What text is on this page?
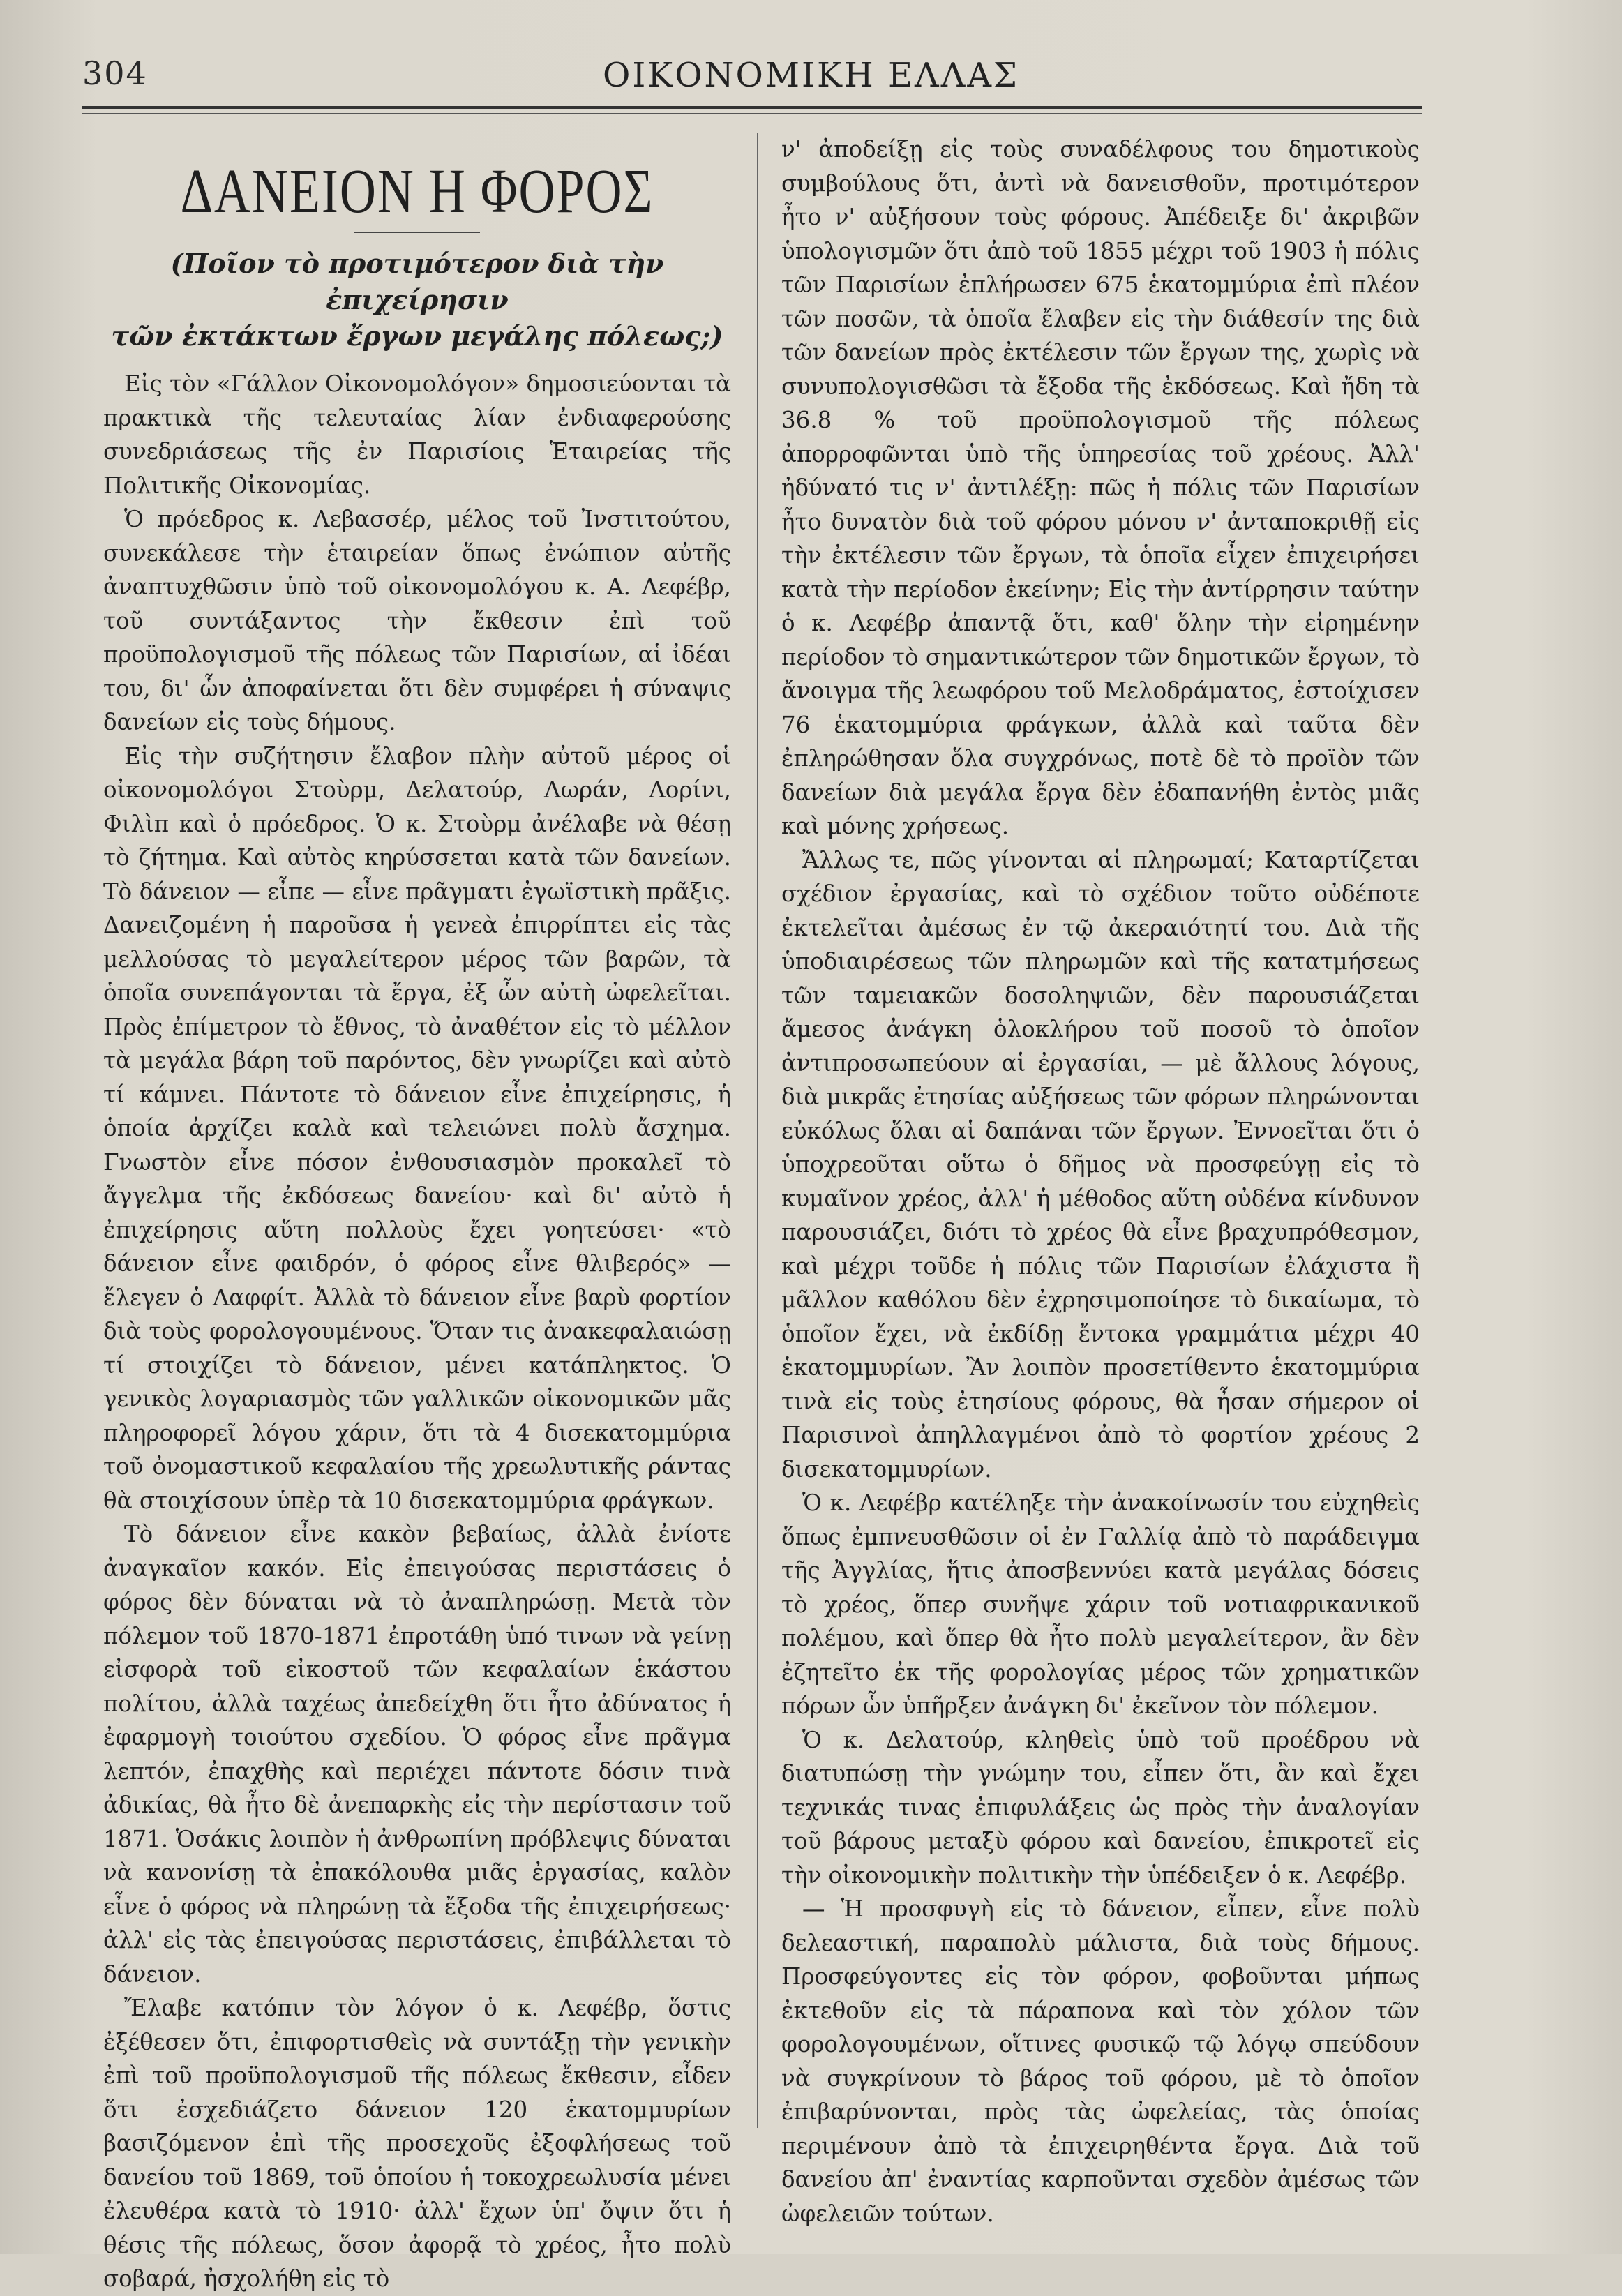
304	ΟΙΚΟΝΟΜΙΚΗ ΕΛΛΑΣ
ΔΑΝΕΙΟΝ Η ΦΟΡΟΣ
(Ποῖον τὸ προτιμότερον διὰ τὴν ἐπιχείρησιν
τῶν ἐκτάκτων ἔργων μεγάλης πόλεως;)

Εἰς τὸν «Γάλλον Οἰκονομολόγον» δημοσιεύονται τὰ πρακτικὰ τῆς τελευταίας λίαν ἐνδιαφερούσης συνεδριάσεως τῆς ἐν Παρισίοις Ἑταιρείας τῆς Πολιτικῆς Οἰκονομίας.

Ὁ πρόεδρος κ. Λεβασσέρ, μέλος τοῦ Ἰνστιτούτου, συνεκάλεσε τὴν ἑταιρείαν ὅπως ἐνώπιον αὐτῆς ἀναπτυχθῶσιν ὑπὸ τοῦ οἰκονομολόγου κ. Α. Λεφέβρ, τοῦ συντάξαντος τὴν ἔκθεσιν ἐπὶ τοῦ προϋπολογισμοῦ τῆς πόλεως τῶν Παρισίων, αἱ ἰδέαι του, δι' ὧν ἀποφαίνεται ὅτι δὲν συμφέρει ἡ σύναψις δανείων εἰς τοὺς δήμους.

Εἰς τὴν συζήτησιν ἔλαβον πλὴν αὐτοῦ μέρος οἱ οἰκονομολόγοι Στοὺρμ, Δελατούρ, Λωράν, Λορίνι, Φιλὶπ καὶ ὁ πρόεδρος. Ὁ κ. Στοὺρμ ἀνέλαβε νὰ θέσῃ τὸ ζήτημα. Καὶ αὐτὸς κηρύσσεται κατὰ τῶν δανείων. Τὸ δάνειον — εἶπε — εἶνε πρᾶγματι ἐγωϊστικὴ πρᾶξις. Δανειζομένη ἡ παροῦσα ἡ γενεὰ ἐπιρρίπτει εἰς τὰς μελλούσας τὸ μεγαλείτερον μέρος τῶν βαρῶν, τὰ ὁποῖα συνεπάγονται τὰ ἔργα, ἐξ ὧν αὐτὴ ὠφελεῖται. Πρὸς ἐπίμετρον τὸ ἔθνος, τὸ ἀναθέτον εἰς τὸ μέλλον τὰ μεγάλα βάρη τοῦ παρόντος, δὲν γνωρίζει καὶ αὐτὸ τί κάμνει. Πάντοτε τὸ δάνειον εἶνε ἐπιχείρησις, ἡ ὁποία ἀρχίζει καλὰ καὶ τελειώνει πολὺ ἄσχημα. Γνωστὸν εἶνε πόσον ἐνθουσιασμὸν προκαλεῖ τὸ ἄγγελμα τῆς ἐκδόσεως δανείου· καὶ δι' αὐτὸ ἡ ἐπιχείρησις αὕτη πολλοὺς ἔχει γοητεύσει· «τὸ δάνειον εἶνε φαιδρόν, ὁ φόρος εἶνε θλιβερός» — ἔλεγεν ὁ Λαφφίτ. Ἀλλὰ τὸ δάνειον εἶνε βαρὺ φορτίον διὰ τοὺς φορολογουμένους. Ὅταν τις ἀνακεφαλαιώσῃ τί στοιχίζει τὸ δάνειον, μένει κατάπληκτος. Ὁ γενικὸς λογαριασμὸς τῶν γαλλικῶν οἰκονομικῶν μᾶς πληροφορεῖ λόγου χάριν, ὅτι τὰ 4 δισεκατομμύρια τοῦ ὀνομαστικοῦ κεφαλαίου τῆς χρεωλυτικῆς ράντας θὰ στοιχίσουν ὑπὲρ τὰ 10 δισεκατομμύρια φράγκων.

Τὸ δάνειον εἶνε κακὸν βεβαίως, ἀλλὰ ἐνίοτε ἀναγκαῖον κακόν. Εἰς ἐπειγούσας περιστάσεις ὁ φόρος δὲν δύναται νὰ τὸ ἀναπληρώσῃ. Μετὰ τὸν πόλεμον τοῦ 1870-1871 ἐπροτάθη ὑπό τινων νὰ γείνῃ εἰσφορὰ τοῦ εἰκοστοῦ τῶν κεφαλαίων ἑκάστου πολίτου, ἀλλὰ ταχέως ἀπεδείχθη ὅτι ἦτο ἀδύνατος ἡ ἐφαρμογὴ τοιούτου σχεδίου. Ὁ φόρος εἶνε πρᾶγμα λεπτόν, ἐπαχθὴς καὶ περιέχει πάντοτε δόσιν τινὰ ἀδικίας, θὰ ἦτο δὲ ἀνεπαρκὴς εἰς τὴν περίστασιν τοῦ 1871. Ὁσάκις λοιπὸν ἡ ἀνθρωπίνη πρόβλεψις δύναται νὰ κανονίσῃ τὰ ἐπακόλουθα μιᾶς ἐργασίας, καλὸν εἶνε ὁ φόρος νὰ πληρώνῃ τὰ ἔξοδα τῆς ἐπιχειρήσεως· ἀλλ' εἰς τὰς ἐπειγούσας περιστάσεις, ἐπιβάλλεται τὸ δάνειον.

Ἔλαβε κατόπιν τὸν λόγον ὁ κ. Λεφέβρ, ὅστις ἐξέθεσεν ὅτι, ἐπιφορτισθεὶς νὰ συντάξῃ τὴν γενικὴν ἐπὶ τοῦ προϋπολογισμοῦ τῆς πόλεως ἔκθεσιν, εἶδεν ὅτι ἐσχεδιάζετο δάνειον 120 ἑκατομμυρίων βασιζόμενον ἐπὶ τῆς προσεχοῦς ἐξοφλήσεως τοῦ δανείου τοῦ 1869, τοῦ ὁποίου ἡ τοκοχρεωλυσία μένει ἐλευθέρα κατὰ τὸ 1910· ἀλλ' ἔχων ὑπ' ὄψιν ὅτι ἡ θέσις τῆς πόλεως, ὅσον ἀφορᾷ τὸ χρέος, ἦτο πολὺ σοβαρά, ἠσχολήθη εἰς τὸ

ν' ἀποδείξῃ εἰς τοὺς συναδέλφους του δημοτικοὺς συμβούλους ὅτι, ἀντὶ νὰ δανεισθοῦν, προτιμότερον ἦτο ν' αὐξήσουν τοὺς φόρους. Ἀπέδειξε δι' ἀκριβῶν ὑπολογισμῶν ὅτι ἀπὸ τοῦ 1855 μέχρι τοῦ 1903 ἡ πόλις τῶν Παρισίων ἐπλήρωσεν 675 ἑκατομμύρια ἐπὶ πλέον τῶν ποσῶν, τὰ ὁποῖα ἔλαβεν εἰς τὴν διάθεσίν της διὰ τῶν δανείων πρὸς ἐκτέλεσιν τῶν ἔργων της, χωρὶς νὰ συνυπολογισθῶσι τὰ ἔξοδα τῆς ἐκδόσεως. Καὶ ἤδη τὰ 36.8 % τοῦ προϋπολογισμοῦ τῆς πόλεως ἀπορροφῶνται ὑπὸ τῆς ὑπηρεσίας τοῦ χρέους. Ἀλλ' ἠδύνατό τις ν' ἀντιλέξῃ: πῶς ἡ πόλις τῶν Παρισίων ἦτο δυνατὸν διὰ τοῦ φόρου μόνου ν' ἀνταποκριθῇ εἰς τὴν ἐκτέλεσιν τῶν ἔργων, τὰ ὁποῖα εἶχεν ἐπιχειρήσει κατὰ τὴν περίοδον ἐκείνην; Εἰς τὴν ἀντίρρησιν ταύτην ὁ κ. Λεφέβρ ἀπαντᾷ ὅτι, καθ' ὅλην τὴν εἰρημένην περίοδον τὸ σημαντικώτερον τῶν δημοτικῶν ἔργων, τὸ ἄνοιγμα τῆς λεωφόρου τοῦ Μελοδράματος, ἐστοίχισεν 76 ἑκατομμύρια φράγκων, ἀλλὰ καὶ ταῦτα δὲν ἐπληρώθησαν ὅλα συγχρόνως, ποτὲ δὲ τὸ προϊὸν τῶν δανείων διὰ μεγάλα ἔργα δὲν ἐδαπανήθη ἐντὸς μιᾶς καὶ μόνης χρήσεως.

Ἄλλως τε, πῶς γίνονται αἱ πληρωμαί; Καταρτίζεται σχέδιον ἐργασίας, καὶ τὸ σχέδιον τοῦτο οὐδέποτε ἐκτελεῖται ἀμέσως ἐν τῷ ἀκεραιότητί του. Διὰ τῆς ὑποδιαιρέσεως τῶν πληρωμῶν καὶ τῆς κατατμήσεως τῶν ταμειακῶν δοσοληψιῶν, δὲν παρουσιάζεται ἄμεσος ἀνάγκη ὁλοκλήρου τοῦ ποσοῦ τὸ ὁποῖον ἀντιπροσωπεύουν αἱ ἐργασίαι, — μὲ ἄλλους λόγους, διὰ μικρᾶς ἐτησίας αὐξήσεως τῶν φόρων πληρώνονται εὐκόλως ὅλαι αἱ δαπάναι τῶν ἔργων. Ἐννοεῖται ὅτι ὁ ὑποχρεοῦται οὕτω ὁ δῆμος νὰ προσφεύγῃ εἰς τὸ κυμαῖνον χρέος, ἀλλ' ἡ μέθοδος αὕτη οὐδένα κίνδυνον παρουσιάζει, διότι τὸ χρέος θὰ εἶνε βραχυπρόθεσμον, καὶ μέχρι τοῦδε ἡ πόλις τῶν Παρισίων ἐλάχιστα ἢ μᾶλλον καθόλου δὲν ἐχρησιμοποίησε τὸ δικαίωμα, τὸ ὁποῖον ἔχει, νὰ ἐκδίδῃ ἔντοκα γραμμάτια μέχρι 40 ἑκατομμυρίων. Ἂν λοιπὸν προσετίθεντο ἑκατομμύρια τινὰ εἰς τοὺς ἐτησίους φόρους, θὰ ἦσαν σήμερον οἱ Παρισινοὶ ἀπηλλαγμένοι ἀπὸ τὸ φορτίον χρέους 2 δισεκατομμυρίων.

Ὁ κ. Λεφέβρ κατέληξε τὴν ἀνακοίνωσίν του εὐχηθεὶς ὅπως ἐμπνευσθῶσιν οἱ ἐν Γαλλίᾳ ἀπὸ τὸ παράδειγμα τῆς Ἀγγλίας, ἥτις ἀποσβεννύει κατὰ μεγάλας δόσεις τὸ χρέος, ὅπερ συνῆψε χάριν τοῦ νοτιαφρικανικοῦ πολέμου, καὶ ὅπερ θὰ ἦτο πολὺ μεγαλείτερον, ἂν δὲν ἐζητεῖτο ἐκ τῆς φορολογίας μέρος τῶν χρηματικῶν πόρων ὧν ὑπῆρξεν ἀνάγκη δι' ἐκεῖνον τὸν πόλεμον.

Ὁ κ. Δελατούρ, κληθεὶς ὑπὸ τοῦ προέδρου νὰ διατυπώσῃ τὴν γνώμην του, εἶπεν ὅτι, ἂν καὶ ἔχει τεχνικάς τινας ἐπιφυλάξεις ὡς πρὸς τὴν ἀναλογίαν τοῦ βάρους μεταξὺ φόρου καὶ δανείου, ἐπικροτεῖ εἰς τὴν οἰκονομικὴν πολιτικὴν τὴν ὑπέδειξεν ὁ κ. Λεφέβρ.

— Ἡ προσφυγὴ εἰς τὸ δάνειον, εἶπεν, εἶνε πολὺ δελεαστική, παραπολὺ μάλιστα, διὰ τοὺς δήμους. Προσφεύγοντες εἰς τὸν φόρον, φοβοῦνται μήπως ἐκτεθοῦν εἰς τὰ πάραπονα καὶ τὸν χόλον τῶν φορολογουμένων, οἵτινες φυσικῷ τῷ λόγῳ σπεύδουν νὰ συγκρίνουν τὸ βάρος τοῦ φόρου, μὲ τὸ ὁποῖον ἐπιβαρύνονται, πρὸς τὰς ὠφελείας, τὰς ὁποίας περιμένουν ἀπὸ τὰ ἐπιχειρηθέντα ἔργα. Διὰ τοῦ δανείου ἀπ' ἐναντίας καρποῦνται σχεδὸν ἀμέσως τῶν ὠφελειῶν τούτων.
